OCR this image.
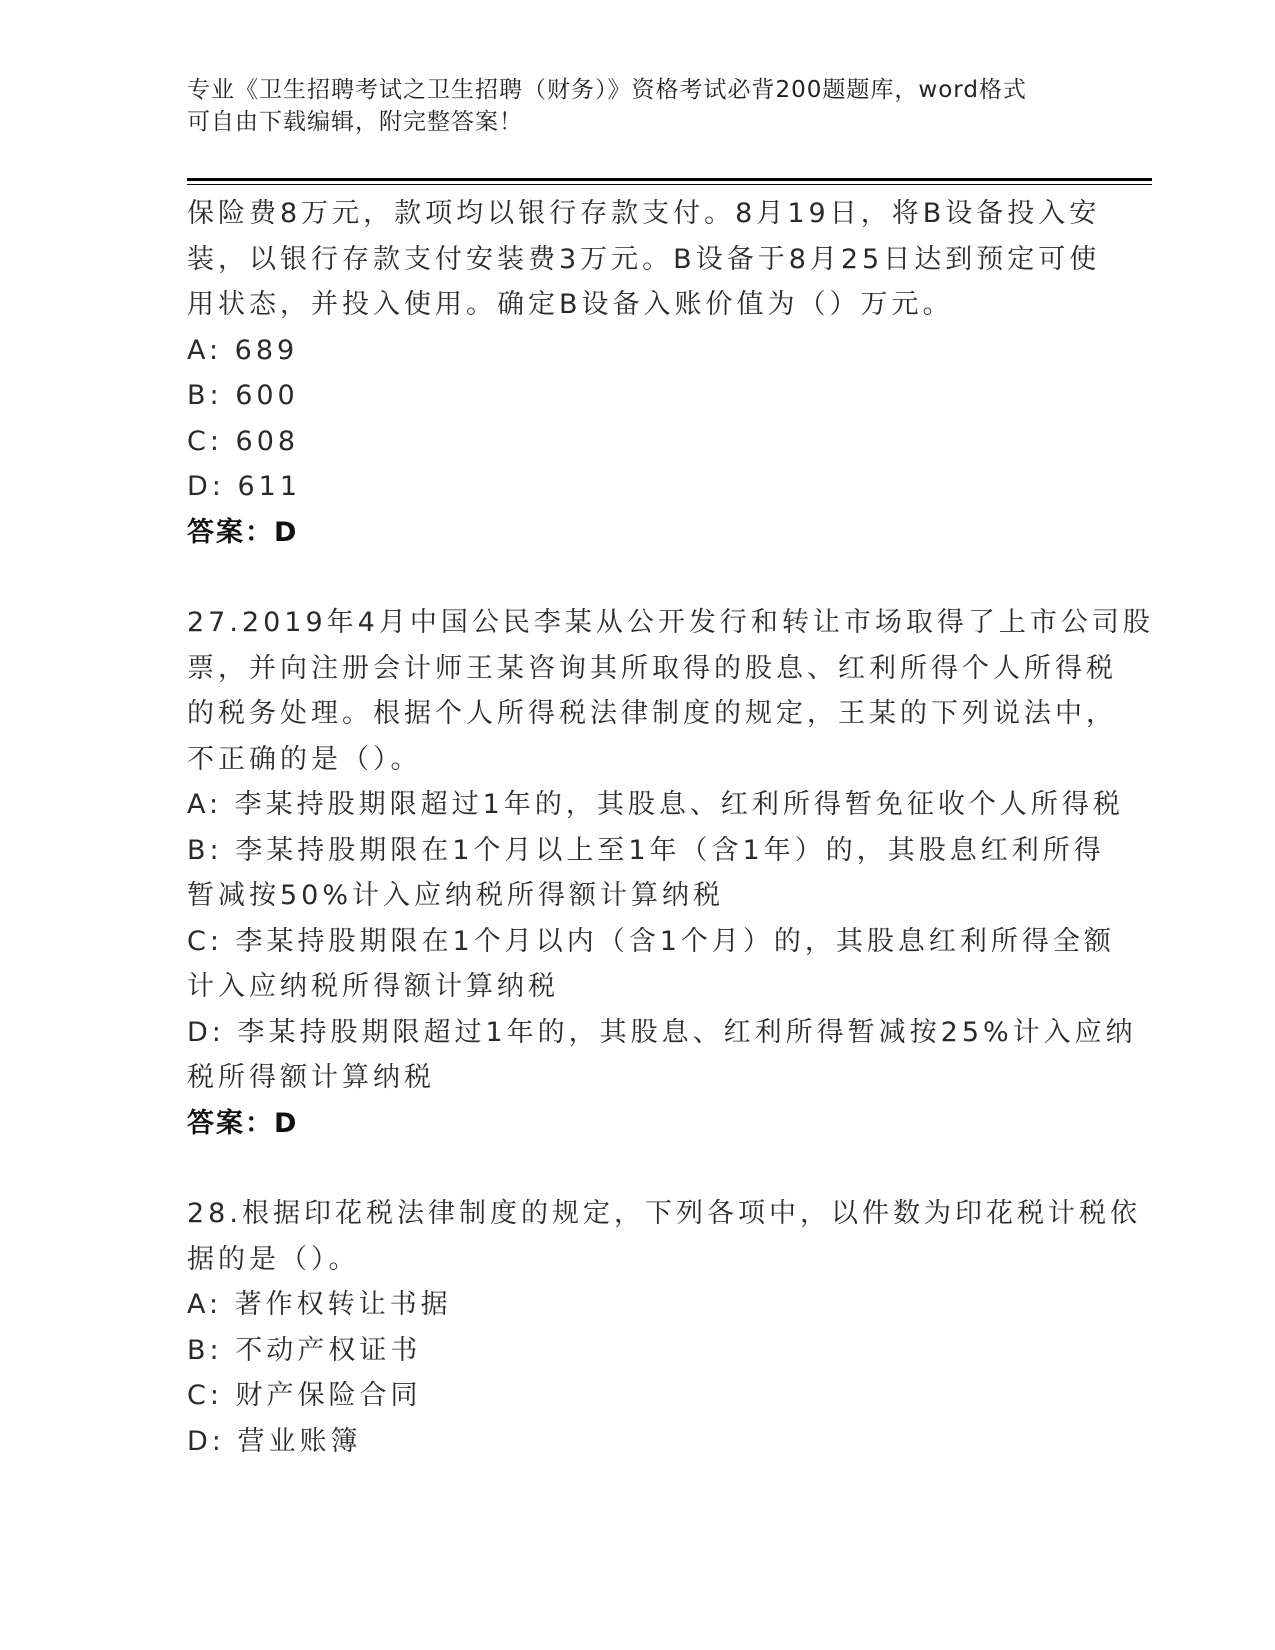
专业《卫生招聘考试之卫生招聘（财务）》资格考试必背200题题库，word格式
可自由下载编辑，附完整答案！
保险费8万元，款项均以银行存款支付。8月19日，将B设备投入安
装，以银行存款支付安装费3万元。B设备于8月25日达到预定可使
用状态，并投入使用。确定B设备入账价值为（）万元。
A: 689
B: 600
C: 608
D: 611
答案：D
27.2019年4月中国公民李某从公开发行和转让市场取得了上市公司股
票，并向注册会计师王某咨询其所取得的股息、红利所得个人所得税
的税务处理。根据个人所得税法律制度的规定，王某的下列说法中，
不正确的是（）。
A: 李某持股期限超过1年的，其股息、红利所得暂免征收个人所得税
B: 李某持股期限在1个月以上至1年（含1年）的，其股息红利所得
暂减按50%计入应纳税所得额计算纳税
C: 李某持股期限在1个月以内（含1个月）的，其股息红利所得全额
计入应纳税所得额计算纳税
D: 李某持股期限超过1年的，其股息、红利所得暂减按25%计入应纳
税所得额计算纳税
答案：D
28.根据印花税法律制度的规定，下列各项中，以件数为印花税计税依
据的是（）。
A: 著作权转让书据
B: 不动产权证书
C: 财产保险合同
D: 营业账簿
